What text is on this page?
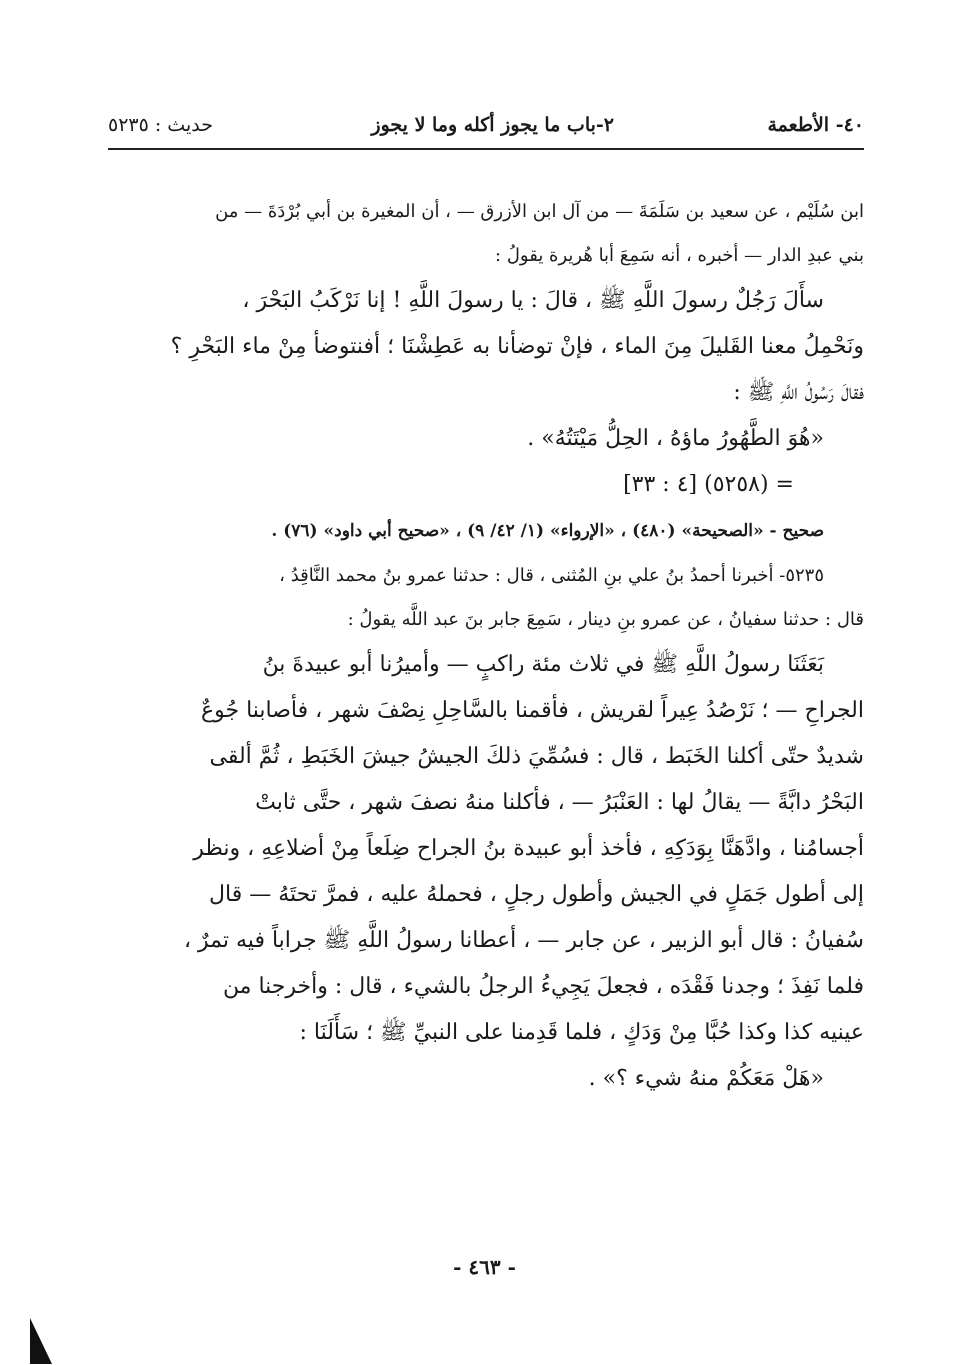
٤٠- الأطعمة
٢-باب ما يجوز أكله وما لا يجوز
حديث : ٥٢٣٥

ابن سُلَيْم ، عن سعيد بن سَلَمَةَ — من آل ابن الأزرق — ، أن المغيرة بن أبي بُرْدَةَ — من

بني عبدِ الدار — أخبره ، أنه سَمِعَ أبا هُريرة يقولُ :

سأَلَ رَجُلٌ رسولَ اللَّهِ ﷺ ، قالَ : يا رسولَ اللَّهِ ! إنا نَرْكَبُ البَحْرَ ،

ونَحْمِلُ معنا القَليلَ مِنَ الماء ، فإنْ توضأنا به عَطِشْنَا ؛ أفنتوضأ مِنْ ماء البَحْرِ ؟

فقالَ رَسُولُ اللَّهِ ﷺ :

«هُوَ الطَّهُورُ ماؤهُ ، الحِلُّ مَيْتَتُهُ» .

= (٥٢٥٨) [٤ : ٣٣]

صحيح - «الصحيحة» (٤٨٠) ، «الإرواء» (١/ ٤٢/ ٩) ، «صحيح أبي داود» (٧٦) .

٥٢٣٥- أخبرنا أحمدُ بنُ علي بنِ المُثنى ، قال : حدثنا عمرو بنُ محمد النَّاقِدُ ،

قال : حدثنا سفيانُ ، عن عمرو بنِ دينار ، سَمِعَ جابر بنَ عبد اللَّه يقولُ :

بَعَثَنَا رسولُ اللَّهِ ﷺ في ثلاث مئة راكبٍ — وأميرُنا أبو عبيدةَ بنُ

الجراحِ — ؛ نَرْصُدُ عِيراً لقريش ، فأقمنا بالسَّاحِلِ نِصْفَ شهر ، فأصابنا جُوعٌ

شديدٌ حتّى أكلنا الخَبَط ، قال : فسُمِّيَ ذلكَ الجيشُ جيشَ الخَبَطِ ، ثُمَّ ألقى

البَحْرُ دابَّةً — يقالُ لها : العَنْبَرُ — ، فأكلنا منهُ نصفَ شهر ، حتَّى ثابتْ

أجسامُنا ، وادَّهَنَّا بِوَدَكِهِ ، فأخذ أبو عبيدة بنُ الجراح ضِلَعاً مِنْ أضلاعِهِ ، ونظر

إلى أطول جَمَلٍ في الجيش وأطول رجلٍ ، فحملهُ عليه ، فمرَّ تحتَهُ — قال

سُفيانُ : قال أبو الزبير ، عن جابر — ، أعطانا رسولُ اللَّهِ ﷺ جراباً فيه تمرٌ ،

فلما نَفِذَ ؛ وجدنا فَقْدَه ، فجعلَ يَجِيءُ الرجلُ بالشيء ، قال : وأخرجنا من

عينيه كذا وكذا حُبَّا مِنْ وَدَكٍ ، فلما قَدِمنا على النبيِّ ﷺ ؛ سَأَلَنَا :

«هَلْ مَعَكُمْ منهُ شيء ؟» .

- ٤٦٣ -
